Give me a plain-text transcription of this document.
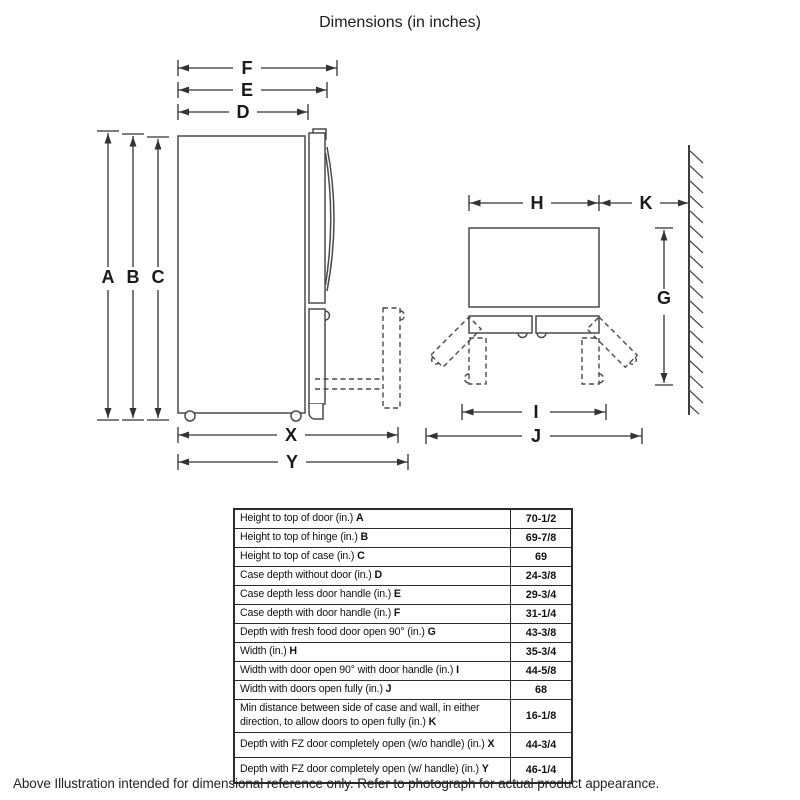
Dimensions (in inches)
F
E
D
A B C
X
Y
H	K
G
I
J
Height to top of door (in.) A	70-1/2
Height to top of hinge (in.) B	69-7/8
Height to top of case (in.) C	69
Case depth without door (in.) D	24-3/8
Case depth less door handle (in.) E	29-3/4
Case depth with door handle (in.) F	31-1/4
Depth with fresh food door open 90° (in.) G	43-3/8
Width (in.) H	35-3/4
Width with door open 90° with door handle (in.) I	44-5/8
Width with doors open fully (in.) J	68
Min distance between side of case and wall, in either direction, to allow doors to open fully (in.) K	16-1/8
Depth with FZ door completely open (w/o handle) (in.) X	44-3/4
Depth with FZ door completely open (w/ handle) (in.) Y	46-1/4
Above Illustration intended for dimensional reference only. Refer to photograph for actual product appearance.
